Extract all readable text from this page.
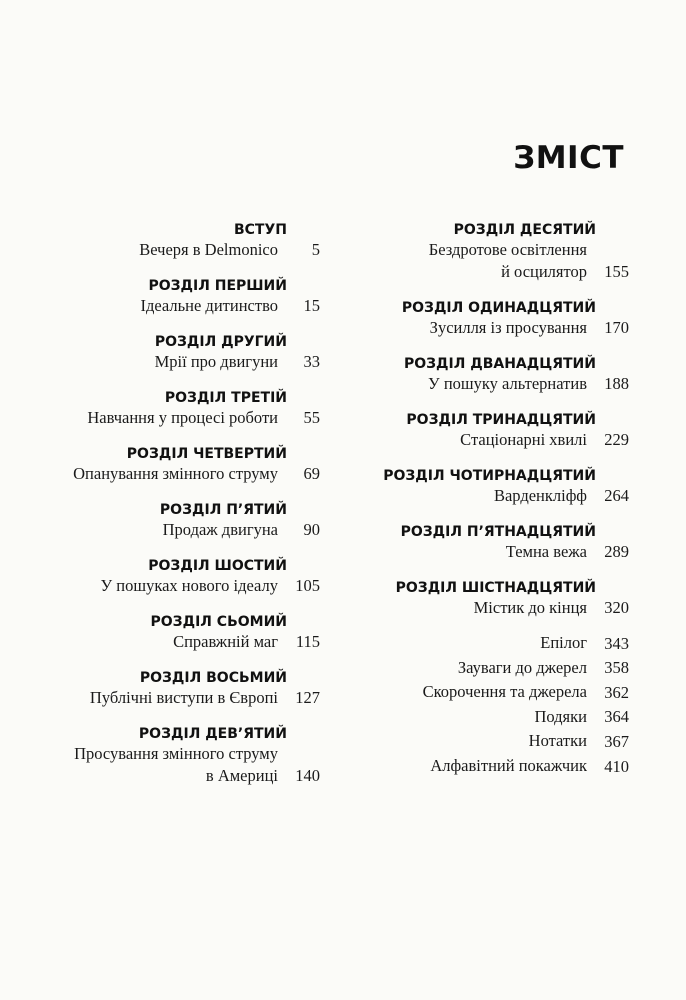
ЗМІСТ
ВСТУП
Вечеря в Delmonico 5
РОЗДІЛ ПЕРШИЙ
Ідеальне дитинство 15
РОЗДІЛ ДРУГИЙ
Мрії про двигуни 33
РОЗДІЛ ТРЕТІЙ
Навчання у процесі роботи 55
РОЗДІЛ ЧЕТВЕРТИЙ
Опанування змінного струму 69
РОЗДІЛ П’ЯТИЙ
Продаж двигуна 90
РОЗДІЛ ШОСТИЙ
У пошуках нового ідеалу 105
РОЗДІЛ СЬОМИЙ
Справжній маг 115
РОЗДІЛ ВОСЬМИЙ
Публічні виступи в Європі 127
РОЗДІЛ ДЕВ’ЯТИЙ
Просування змінного струму
в Америці 140
РОЗДІЛ ДЕСЯТИЙ
Бездротове освітлення
й осцилятор 155
РОЗДІЛ ОДИНАДЦЯТИЙ
Зусилля із просування 170
РОЗДІЛ ДВАНАДЦЯТИЙ
У пошуку альтернатив 188
РОЗДІЛ ТРИНАДЦЯТИЙ
Стаціонарні хвилі 229
РОЗДІЛ ЧОТИРНАДЦЯТИЙ
Варденкліфф 264
РОЗДІЛ П’ЯТНАДЦЯТИЙ
Темна вежа 289
РОЗДІЛ ШІСТНАДЦЯТИЙ
Містик до кінця 320
Епілог 343
Зауваги до джерел 358
Скорочення та джерела 362
Подяки 364
Нотатки 367
Алфавітний покажчик 410
